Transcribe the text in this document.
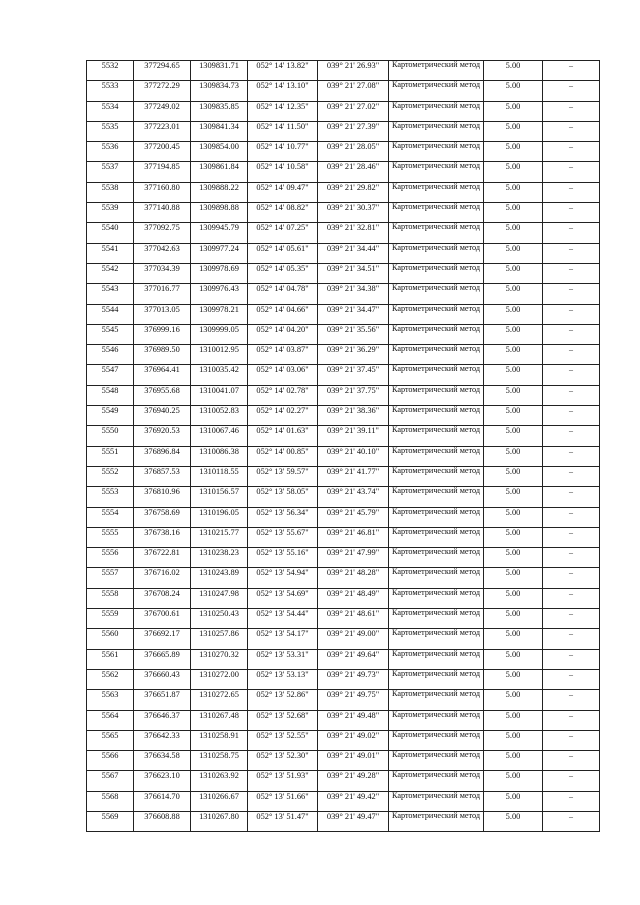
5532	377294.65	1309831.71	052° 14' 13.82"	039° 21' 26.93"	Картометрический метод	5.00	–
5533	377272.29	1309834.73	052° 14' 13.10"	039° 21' 27.08"	Картометрический метод	5.00	–
5534	377249.02	1309835.85	052° 14' 12.35"	039° 21' 27.02"	Картометрический метод	5.00	–
5535	377223.01	1309841.34	052° 14' 11.50"	039° 21' 27.39"	Картометрический метод	5.00	–
5536	377200.45	1309854.00	052° 14' 10.77"	039° 21' 28.05"	Картометрический метод	5.00	–
5537	377194.85	1309861.84	052° 14' 10.58"	039° 21' 28.46"	Картометрический метод	5.00	–
5538	377160.80	1309888.22	052° 14' 09.47"	039° 21' 29.82"	Картометрический метод	5.00	–
5539	377140.88	1309898.88	052° 14' 08.82"	039° 21' 30.37"	Картометрический метод	5.00	–
5540	377092.75	1309945.79	052° 14' 07.25"	039° 21' 32.81"	Картометрический метод	5.00	–
5541	377042.63	1309977.24	052° 14' 05.61"	039° 21' 34.44"	Картометрический метод	5.00	–
5542	377034.39	1309978.69	052° 14' 05.35"	039° 21' 34.51"	Картометрический метод	5.00	–
5543	377016.77	1309976.43	052° 14' 04.78"	039° 21' 34.38"	Картометрический метод	5.00	–
5544	377013.05	1309978.21	052° 14' 04.66"	039° 21' 34.47"	Картометрический метод	5.00	–
5545	376999.16	1309999.05	052° 14' 04.20"	039° 21' 35.56"	Картометрический метод	5.00	–
5546	376989.50	1310012.95	052° 14' 03.87"	039° 21' 36.29"	Картометрический метод	5.00	–
5547	376964.41	1310035.42	052° 14' 03.06"	039° 21' 37.45"	Картометрический метод	5.00	–
5548	376955.68	1310041.07	052° 14' 02.78"	039° 21' 37.75"	Картометрический метод	5.00	–
5549	376940.25	1310052.83	052° 14' 02.27"	039° 21' 38.36"	Картометрический метод	5.00	–
5550	376920.53	1310067.46	052° 14' 01.63"	039° 21' 39.11"	Картометрический метод	5.00	–
5551	376896.84	1310086.38	052° 14' 00.85"	039° 21' 40.10"	Картометрический метод	5.00	–
5552	376857.53	1310118.55	052° 13' 59.57"	039° 21' 41.77"	Картометрический метод	5.00	–
5553	376810.96	1310156.57	052° 13' 58.05"	039° 21' 43.74"	Картометрический метод	5.00	–
5554	376758.69	1310196.05	052° 13' 56.34"	039° 21' 45.79"	Картометрический метод	5.00	–
5555	376738.16	1310215.77	052° 13' 55.67"	039° 21' 46.81"	Картометрический метод	5.00	–
5556	376722.81	1310238.23	052° 13' 55.16"	039° 21' 47.99"	Картометрический метод	5.00	–
5557	376716.02	1310243.89	052° 13' 54.94"	039° 21' 48.28"	Картометрический метод	5.00	–
5558	376708.24	1310247.98	052° 13' 54.69"	039° 21' 48.49"	Картометрический метод	5.00	–
5559	376700.61	1310250.43	052° 13' 54.44"	039° 21' 48.61"	Картометрический метод	5.00	–
5560	376692.17	1310257.86	052° 13' 54.17"	039° 21' 49.00"	Картометрический метод	5.00	–
5561	376665.89	1310270.32	052° 13' 53.31"	039° 21' 49.64"	Картометрический метод	5.00	–
5562	376660.43	1310272.00	052° 13' 53.13"	039° 21' 49.73"	Картометрический метод	5.00	–
5563	376651.87	1310272.65	052° 13' 52.86"	039° 21' 49.75"	Картометрический метод	5.00	–
5564	376646.37	1310267.48	052° 13' 52.68"	039° 21' 49.48"	Картометрический метод	5.00	–
5565	376642.33	1310258.91	052° 13' 52.55"	039° 21' 49.02"	Картометрический метод	5.00	–
5566	376634.58	1310258.75	052° 13' 52.30"	039° 21' 49.01"	Картометрический метод	5.00	–
5567	376623.10	1310263.92	052° 13' 51.93"	039° 21' 49.28"	Картометрический метод	5.00	–
5568	376614.70	1310266.67	052° 13' 51.66"	039° 21' 49.42"	Картометрический метод	5.00	–
5569	376608.88	1310267.80	052° 13' 51.47"	039° 21' 49.47"	Картометрический метод	5.00	–
